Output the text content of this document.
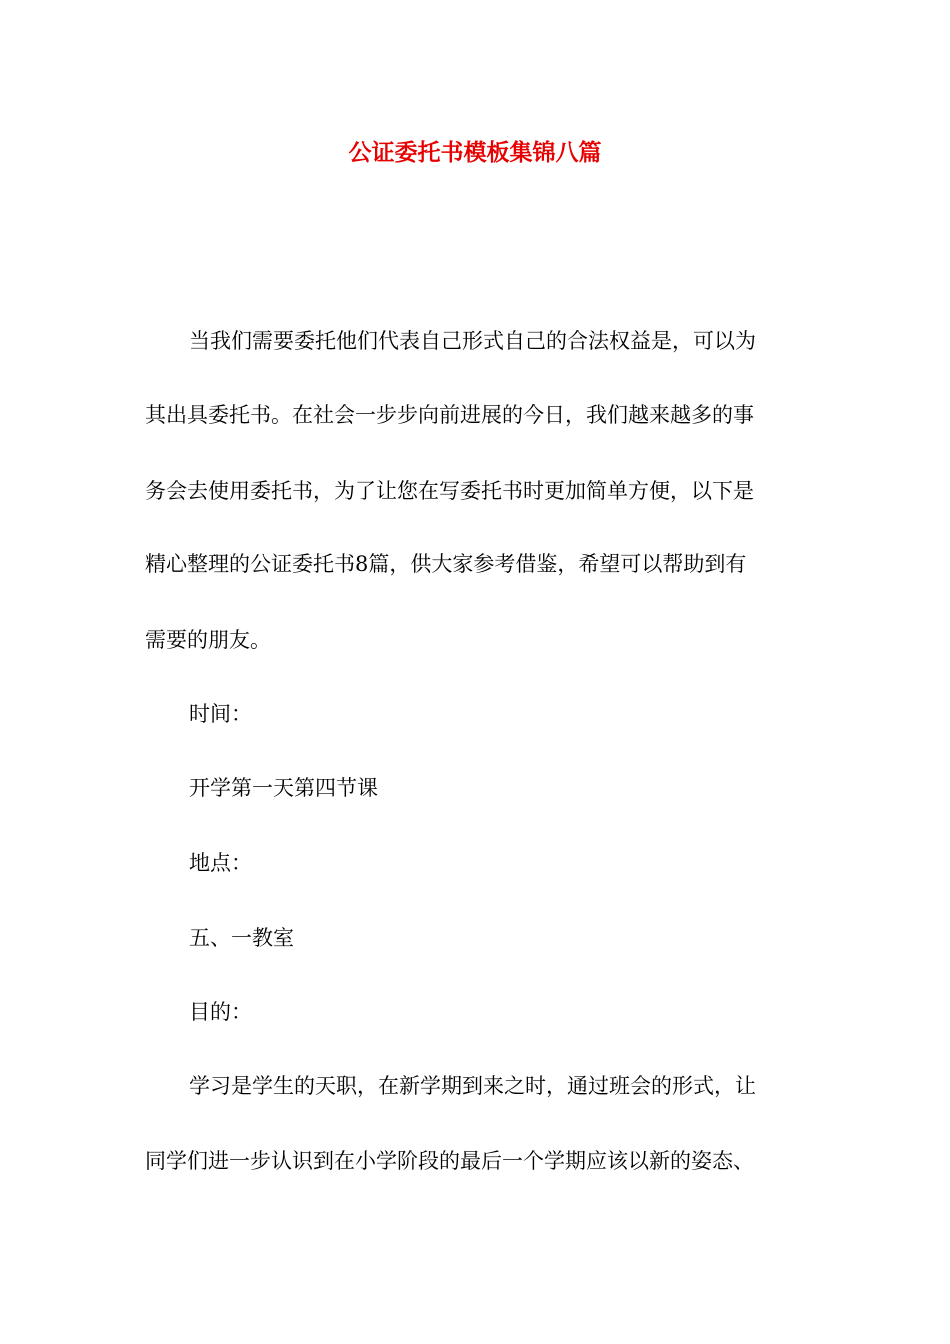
公证委托书模板集锦八篇
当我们需要委托他们代表自己形式自己的合法权益是，可以为
其出具委托书。在社会一步步向前进展的今日，我们越来越多的事
务会去使用委托书，为了让您在写委托书时更加简单方便，以下是
精心整理的公证委托书8篇，供大家参考借鉴，希望可以帮助到有
需要的朋友。
时间：
开学第一天第四节课
地点：
五、一教室
目的：
学习是学生的天职，在新学期到来之时，通过班会的形式，让
同学们进一步认识到在小学阶段的最后一个学期应该以新的姿态、
